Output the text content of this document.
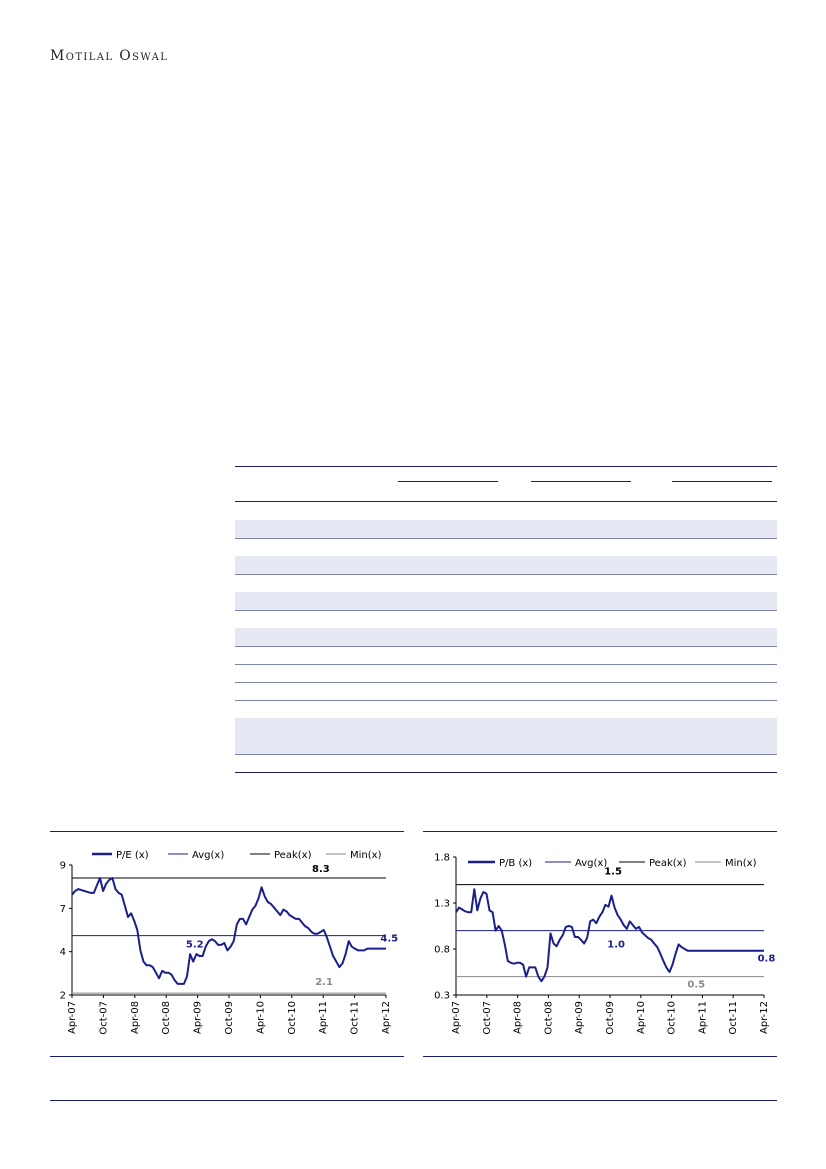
Motilal Oswal
P/E (x)	Avg(x)	Peak(x)	Min(x)
9
7
4
2
Apr-07 Oct-07 Apr-08 Oct-08 Apr-09 Oct-09 Apr-10 Oct-10 Apr-11 Oct-11 Apr-12
8.3
5.2
4.5
2.1
P/B (x)	Avg(x)	Peak(x)	Min(x)
1.8
1.3
0.8
0.3
Apr-07 Oct-07 Apr-08 Oct-08 Apr-09 Oct-09 Apr-10 Oct-10 Apr-11 Oct-11 Apr-12
1.5
1.0
0.8
0.5
